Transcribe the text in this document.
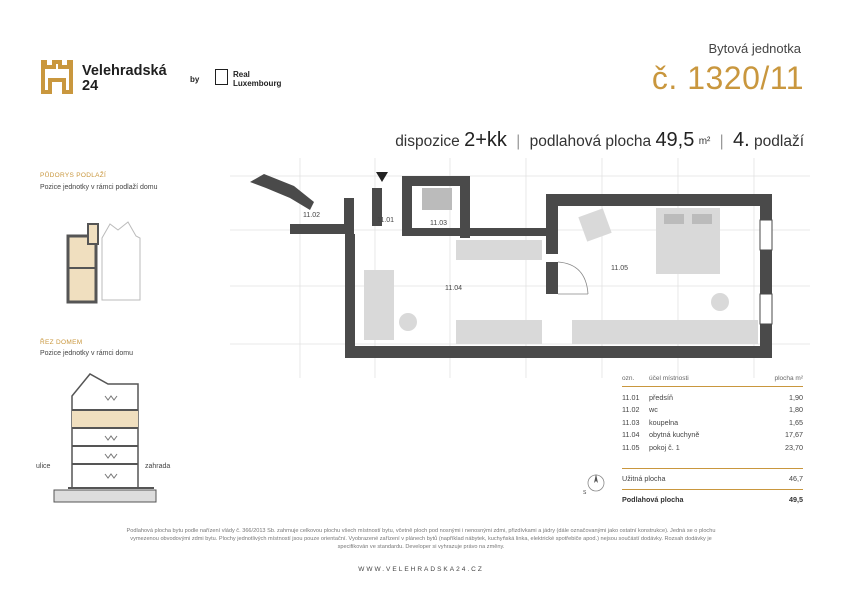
Velehradská
24	by
Real
Luxembourg
Bytová jednotka
č. 1320/11
dispozice 2+kk | podlahová plocha 49,5 m² | 4. podlaží
PŮDORYS PODLAŽÍ
Pozice jednotky v rámci podlaží domu
ŘEZ DOMEM
Pozice jednotky v rámci domu
ulice	zahrada
11.02
11.01	11.03
11.04
11.05
ozn.	účel místnosti	plocha m²
11.01	předsíň	1,90
11.02	wc	1,80
11.03	koupelna	1,65
11.04	obytná kuchyně	17,67
11.05	pokoj č. 1	23,70
Užitná plocha	46,7
Podlahová plocha	49,5
S
Podlahová plocha bytu podle nařízení vlády č. 366/2013 Sb. zahrnuje celkovou plochu všech místností bytu, včetně ploch pod nosnými i nenosnými zdmi, přizdívkami a jádry (dále označovanými jako ostatní konstrukce). Jedná se o plochu
vymezenou obvodovými zdmi bytu. Plochy jednotlivých místností jsou pouze orientační. Vyobrazené zařízení v plánech bytů (například nábytek, kuchyňská linka, elektrické spotřebiče apod.) nejsou součástí dodávky. Rozsah dodávky je
specifikován ve standardu. Developer si vyhrazuje právo na změny.
WWW.VELEHRADSKA24.CZ
